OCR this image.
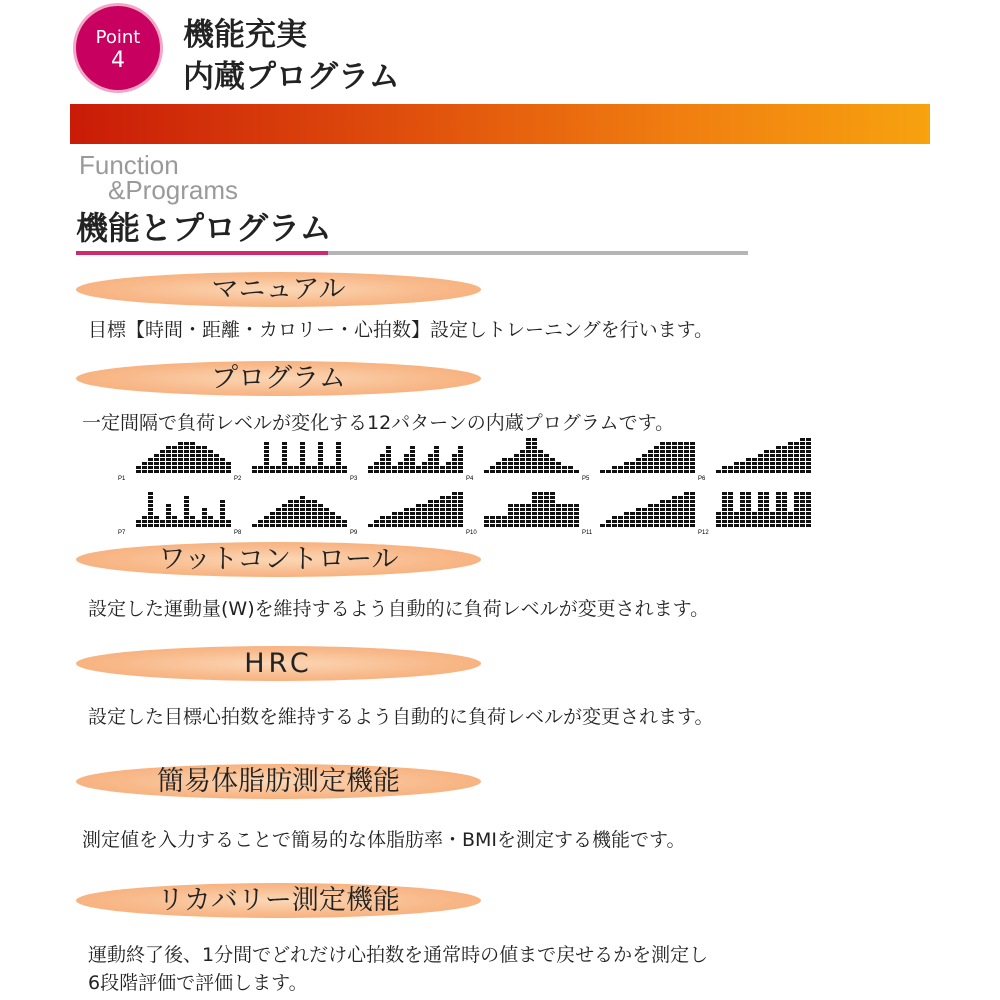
Point
4
機能充実
内蔵プログラム
Function
&Programs
機能とプログラム
マニュアル
目標【時間・距離・カロリー・心拍数】設定しトレーニングを行います。
プログラム
一定間隔で負荷レベルが変化する12パターンの内蔵プログラムです。
P1	P2	P3	P4	P5	P6
P7	P8	P9	P10	P11	P12
ワットコントロール
設定した運動量(W)を維持するよう自動的に負荷レベルが変更されます。
HRC
設定した目標心拍数を維持するよう自動的に負荷レベルが変更されます。
簡易体脂肪測定機能
測定値を入力することで簡易的な体脂肪率・BMIを測定する機能です。
リカバリー測定機能
運動終了後、1分間でどれだけ心拍数を通常時の値まで戻せるかを測定し
6段階評価で評価します。
